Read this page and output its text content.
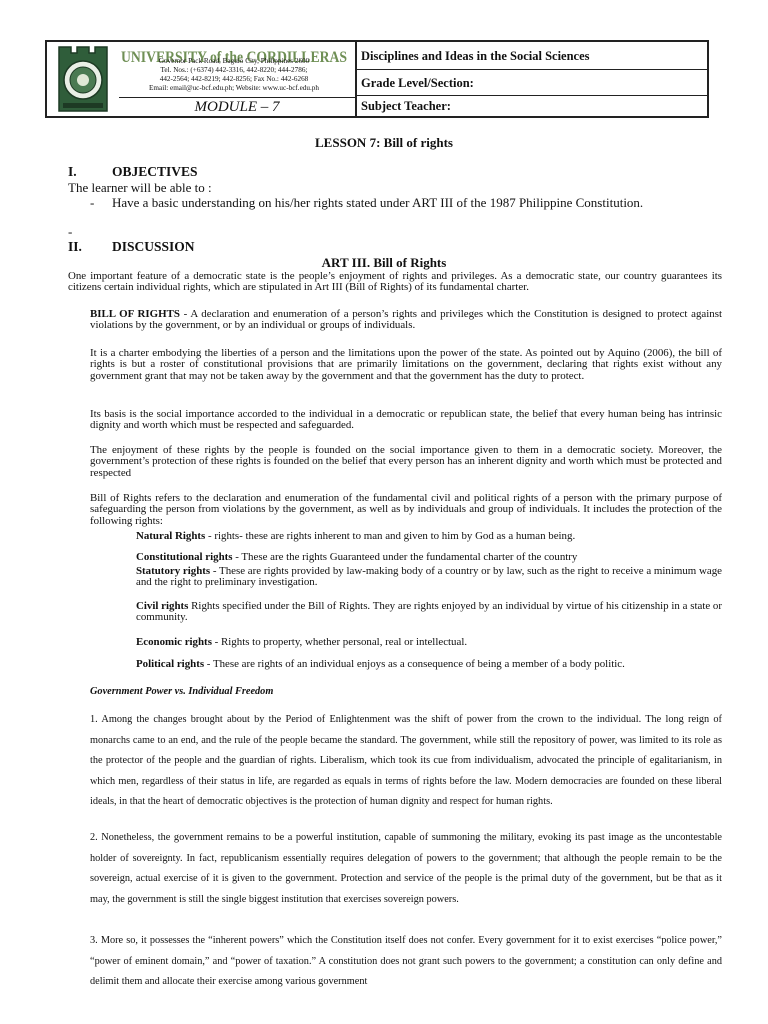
UNIVERSITY of the CORDILLERAS
Governor Pack Road, Baguio City, Philippines 2600
Tel. Nos.: (+6374) 442-3316, 442-8220; 444-2786;
442-2564; 442-8219; 442-8256; Fax No.: 442-6268
Email: email@uc-bcf.edu.ph; Website: www.uc-bcf.edu.ph
MODULE – 7
Disciplines and Ideas in the Social Sciences
Grade Level/Section:
Subject Teacher:
LESSON 7: Bill of rights
I.	OBJECTIVES
The learner will be able to :
- Have a basic understanding on his/her rights stated under ART III of the 1987 Philippine Constitution.
-
II. DISCUSSION
ART III. Bill of Rights
One important feature of a democratic state is the people’s enjoyment of rights and privileges. As a democratic state, our country guarantees its citizens certain individual rights, which are stipulated in Art III (Bill of Rights) of its fundamental charter.
BILL OF RIGHTS - A declaration and enumeration of a person’s rights and privileges which the Constitution is designed to protect against violations by the government, or by an individual or groups of individuals.
It is a charter embodying the liberties of a person and the limitations upon the power of the state. As pointed out by Aquino (2006), the bill of rights is but a roster of constitutional provisions that are primarily limitations on the government, declaring that rights exist without any government grant that may not be taken away by the government and that the government has the duty to protect.
Its basis is the social importance accorded to the individual in a democratic or republican state, the belief that every human being has intrinsic dignity and worth which must be respected and safeguarded.
The enjoyment of these rights by the people is founded on the social importance given to them in a democratic society. Moreover, the government’s protection of these rights is founded on the belief that every person has an inherent dignity and worth which must be protected and respected
Bill of Rights refers to the declaration and enumeration of the fundamental civil and political rights of a person with the primary purpose of safeguarding the person from violations by the government, as well as by individuals and group of individuals. It includes the protection of the following rights:
Natural Rights - rights- these are rights inherent to man and given to him by God as a human being.
Constitutional rights - These are the rights Guaranteed under the fundamental charter of the country
Statutory rights - These are rights provided by law-making body of a country or by law, such as the right to receive a minimum wage and the right to preliminary investigation.
Civil rights Rights specified under the Bill of Rights. They are rights enjoyed by an individual by virtue of his citizenship in a state or community.
Economic rights - Rights to property, whether personal, real or intellectual.
Political rights - These are rights of an individual enjoys as a consequence of being a member of a body politic.
Government Power vs. Individual Freedom
1. Among the changes brought about by the Period of Enlightenment was the shift of power from the crown to the individual. The long reign of monarchs came to an end, and the rule of the people became the standard. The government, while still the repository of power, was limited to its role as the protector of the people and the guardian of rights. Liberalism, which took its cue from individualism, advocated the principle of egalitarianism, in which men, regardless of their status in life, are regarded as equals in terms of rights before the law. Modern democracies are founded on these liberal ideals, in that the heart of democratic objectives is the protection of human dignity and respect for human rights.
2. Nonetheless, the government remains to be a powerful institution, capable of summoning the military, evoking its past image as the uncontestable holder of sovereignty. In fact, republicanism essentially requires delegation of powers to the government; that although the people remain to be the sovereign, actual exercise of it is given to the government. Protection and service of the people is the primal duty of the government, but be that as it may, the government is still the single biggest institution that exercises sovereign powers.
3. More so, it possesses the “inherent powers” which the Constitution itself does not confer. Every government for it to exist exercises “police power,” “power of eminent domain,” and “power of taxation.” A constitution does not grant such powers to the government; a constitution can only define and delimit them and allocate their exercise among various government
